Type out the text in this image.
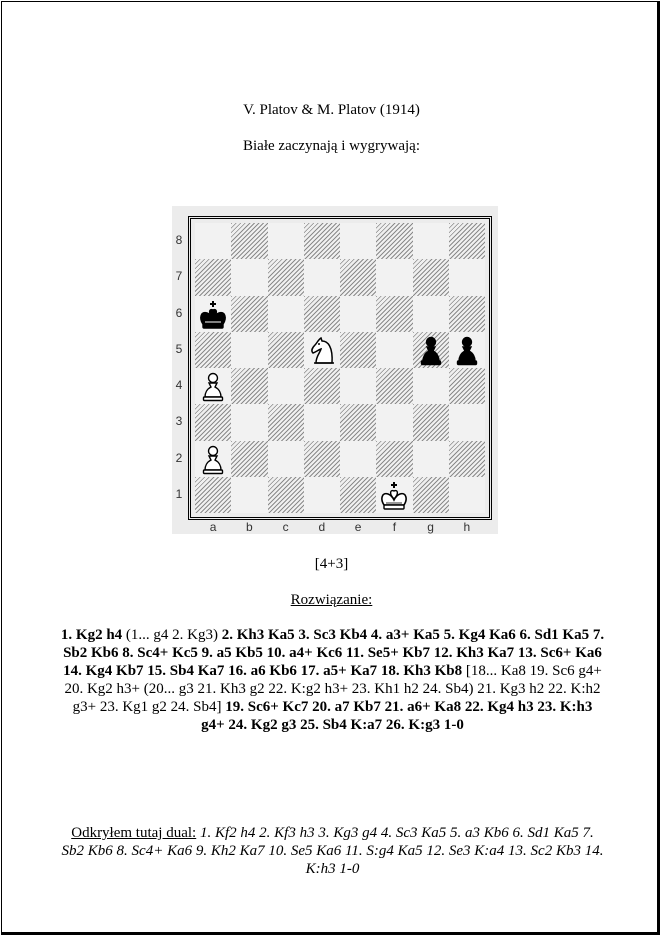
V. Platov & M. Platov (1914)
Białe zaczynają i wygrywają:
8
7
6
5
4
3
2
1
a	b	c	d	e	f	g	h
[4+3]
Rozwiązanie:
1. Kg2 h4 (1... g4 2. Kg3) 2. Kh3 Ka5 3. Sc3 Kb4 4. a3+ Ka5 5. Kg4 Ka6 6. Sd1 Ka5 7. Sb2 Kb6 8. Sc4+ Kc5 9. a5 Kb5 10. a4+ Kc6 11. Se5+ Kb7 12. Kh3 Ka7 13. Sc6+ Ka6 14. Kg4 Kb7 15. Sb4 Ka7 16. a6 Kb6 17. a5+ Ka7 18. Kh3 Kb8 [18... Ka8 19. Sc6 g4+ 20. Kg2 h3+ (20... g3 21. Kh3 g2 22. K:g2 h3+ 23. Kh1 h2 24. Sb4) 21. Kg3 h2 22. K:h2 g3+ 23. Kg1 g2 24. Sb4] 19. Sc6+ Kc7 20. a7 Kb7 21. a6+ Ka8 22. Kg4 h3 23. K:h3 g4+ 24. Kg2 g3 25. Sb4 K:a7 26. K:g3 1-0
Odkryłem tutaj dual: 1. Kf2 h4 2. Kf3 h3 3. Kg3 g4 4. Sc3 Ka5 5. a3 Kb6 6. Sd1 Ka5 7. Sb2 Kb6 8. Sc4+ Ka6 9. Kh2 Ka7 10. Se5 Ka6 11. S:g4 Ka5 12. Se3 K:a4 13. Sc2 Kb3 14. K:h3 1-0
